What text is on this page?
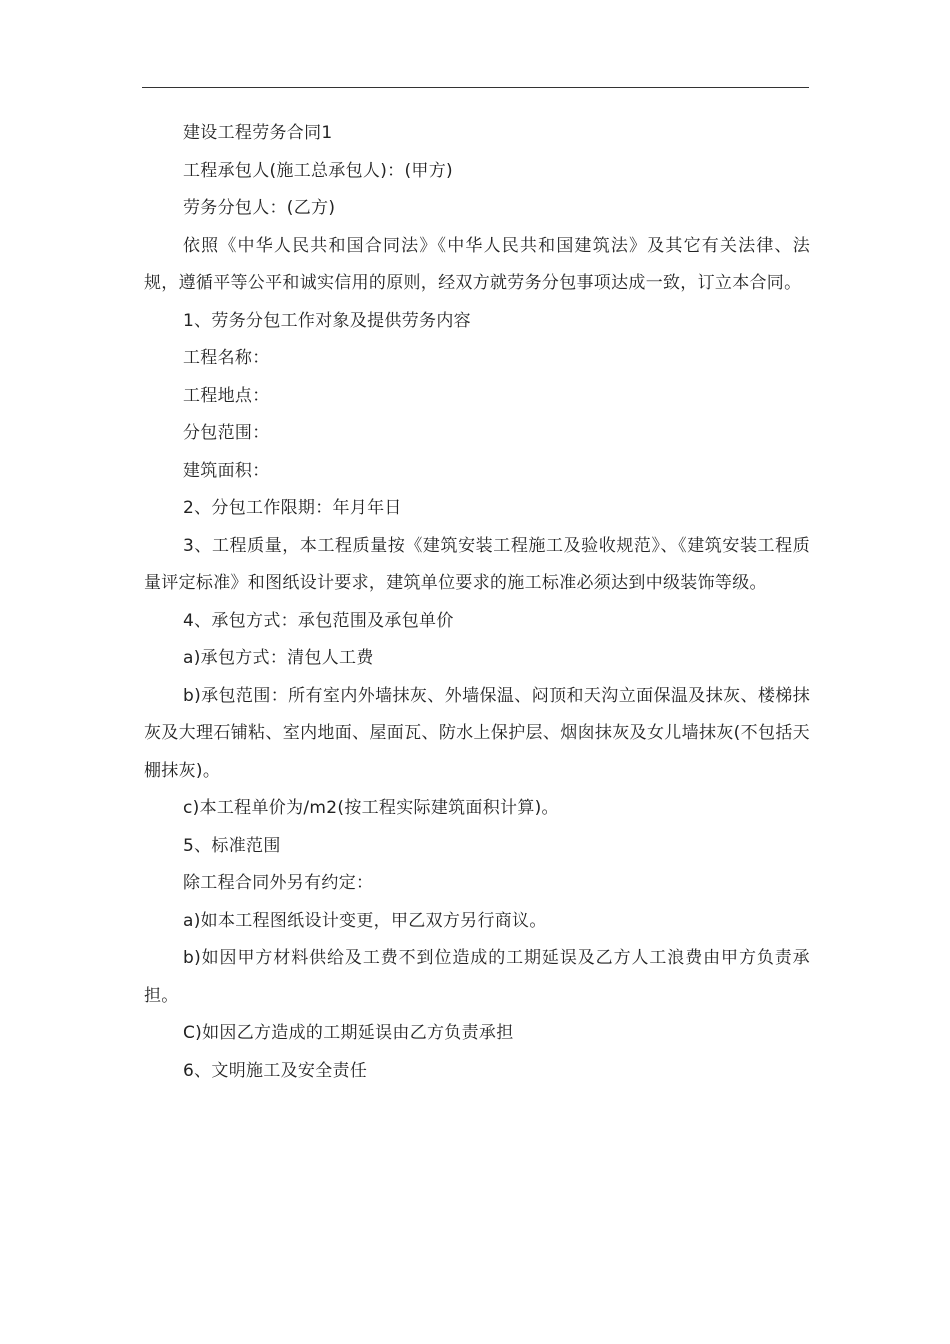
建设工程劳务合同1

工程承包人(施工总承包人)：(甲方)

劳务分包人：(乙方)

依照《中华人民共和国合同法》《中华人民共和国建筑法》及其它有关法律、法规，遵循平等公平和诚实信用的原则，经双方就劳务分包事项达成一致，订立本合同。

1、劳务分包工作对象及提供劳务内容

工程名称：

工程地点：

分包范围：

建筑面积：

2、分包工作限期：年月年日

3、工程质量，本工程质量按《建筑安装工程施工及验收规范》、《建筑安装工程质量评定标准》和图纸设计要求，建筑单位要求的施工标准必须达到中级装饰等级。

4、承包方式：承包范围及承包单价

a)承包方式：清包人工费

b)承包范围：所有室内外墙抹灰、外墙保温、闷顶和天沟立面保温及抹灰、楼梯抹灰及大理石铺粘、室内地面、屋面瓦、防水上保护层、烟囱抹灰及女儿墙抹灰(不包括天棚抹灰)。

c)本工程单价为/m2(按工程实际建筑面积计算)。

5、标准范围

除工程合同外另有约定：

a)如本工程图纸设计变更，甲乙双方另行商议。

b)如因甲方材料供给及工费不到位造成的工期延误及乙方人工浪费由甲方负责承担。

C)如因乙方造成的工期延误由乙方负责承担

6、文明施工及安全责任
